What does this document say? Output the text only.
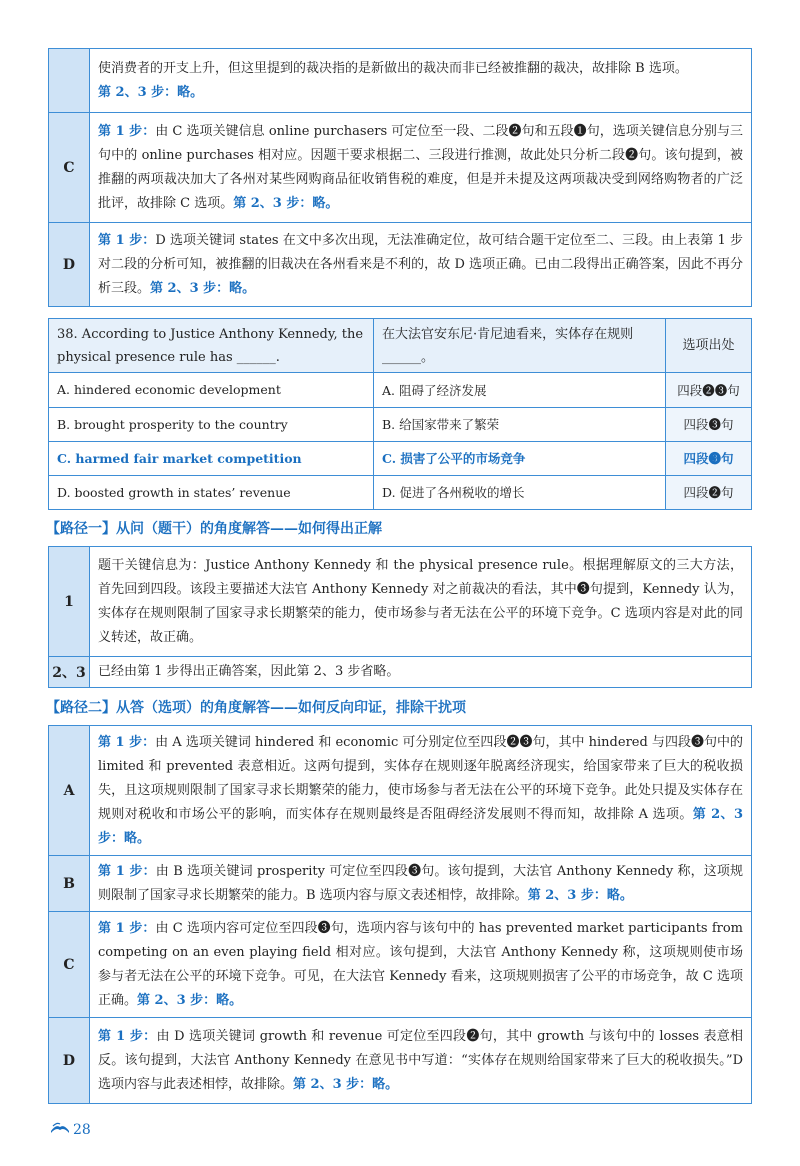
	使消费者的开支上升，但这里提到的裁决指的是新做出的裁决而非已经被推翻的裁决，故排除 B 选项。
第 2、3 步：略。
C	第 1 步：由 C 选项关键信息 online purchasers 可定位至一段、二段❷句和五段❶句，选项关键信息分别与三句中的 online purchases 相对应。因题干要求根据二、三段进行推测，故此处只分析二段❷句。该句提到，被推翻的两项裁决加大了各州对某些网购商品征收销售税的难度，但是并未提及这两项裁决受到网络购物者的广泛批评，故排除 C 选项。第 2、3 步：略。
D	第 1 步：D 选项关键词 states 在文中多次出现，无法准确定位，故可结合题干定位至二、三段。由上表第 1 步对二段的分析可知，被推翻的旧裁决在各州看来是不利的，故 D 选项正确。已由二段得出正确答案，因此不再分析三段。第 2、3 步：略。
38. According to Justice Anthony Kennedy, the physical presence rule has ______.	在大法官安东尼·肯尼迪看来，实体存在规则______。	选项出处
A. hindered economic development	A. 阻碍了经济发展	四段❷❸句
B. brought prosperity to the country	B. 给国家带来了繁荣	四段❸句
C. harmed fair market competition	C. 损害了公平的市场竞争	四段❸句
D. boosted growth in states’ revenue	D. 促进了各州税收的增长	四段❷句
【路径一】从问（题干）的角度解答——如何得出正解
1	题干关键信息为：Justice Anthony Kennedy 和 the physical presence rule。根据理解原文的三大方法，首先回到四段。该段主要描述大法官 Anthony Kennedy 对之前裁决的看法，其中❸句提到，Kennedy 认为，实体存在规则限制了国家寻求长期繁荣的能力，使市场参与者无法在公平的环境下竞争。C 选项内容是对此的同义转述，故正确。
2、3	已经由第 1 步得出正确答案，因此第 2、3 步省略。
【路径二】从答（选项）的角度解答——如何反向印证，排除干扰项
A	第 1 步：由 A 选项关键词 hindered 和 economic 可分别定位至四段❷❸句，其中 hindered 与四段❸句中的 limited 和 prevented 表意相近。这两句提到，实体存在规则逐年脱离经济现实，给国家带来了巨大的税收损失，且这项规则限制了国家寻求长期繁荣的能力，使市场参与者无法在公平的环境下竞争。此处只提及实体存在规则对税收和市场公平的影响，而实体存在规则最终是否阻碍经济发展则不得而知，故排除 A 选项。第 2、3 步：略。
B	第 1 步：由 B 选项关键词 prosperity 可定位至四段❸句。该句提到，大法官 Anthony Kennedy 称，这项规则限制了国家寻求长期繁荣的能力。B 选项内容与原文表述相悖，故排除。第 2、3 步：略。
C	第 1 步：由 C 选项内容可定位至四段❸句，选项内容与该句中的 has prevented market participants from competing on an even playing field 相对应。该句提到，大法官 Anthony Kennedy 称，这项规则使市场参与者无法在公平的环境下竞争。可见，在大法官 Kennedy 看来，这项规则损害了公平的市场竞争，故 C 选项正确。第 2、3 步：略。
D	第 1 步：由 D 选项关键词 growth 和 revenue 可定位至四段❷句，其中 growth 与该句中的 losses 表意相反。该句提到，大法官 Anthony Kennedy 在意见书中写道：“实体存在规则给国家带来了巨大的税收损失。”D 选项内容与此表述相悖，故排除。第 2、3 步：略。
28
